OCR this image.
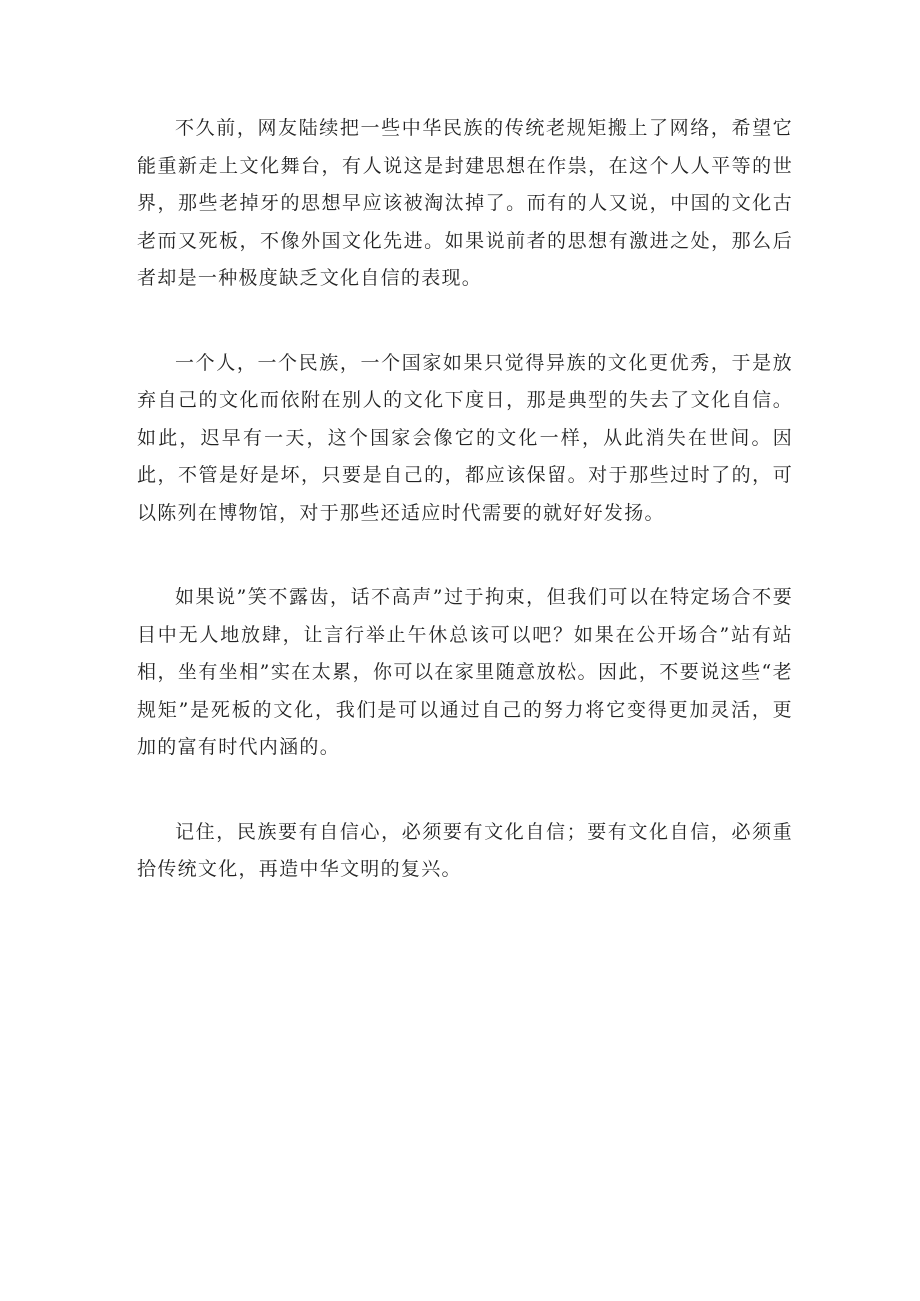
不久前，网友陆续把一些中华民族的传统老规矩搬上了网络，希望它能重新走上文化舞台，有人说这是封建思想在作祟，在这个人人平等的世界，那些老掉牙的思想早应该被淘汰掉了。而有的人又说，中国的文化古老而又死板，不像外国文化先进。如果说前者的思想有激进之处，那么后者却是一种极度缺乏文化自信的表现。

一个人，一个民族，一个国家如果只觉得异族的文化更优秀，于是放弃自己的文化而依附在别人的文化下度日，那是典型的失去了文化自信。如此，迟早有一天，这个国家会像它的文化一样，从此消失在世间。因此，不管是好是坏，只要是自己的，都应该保留。对于那些过时了的，可以陈列在博物馆，对于那些还适应时代需要的就好好发扬。

如果说”笑不露齿，话不高声”过于拘束，但我们可以在特定场合不要目中无人地放肆，让言行举止午休总该可以吧？如果在公开场合”站有站相，坐有坐相”实在太累，你可以在家里随意放松。因此，不要说这些“老规矩”是死板的文化，我们是可以通过自己的努力将它变得更加灵活，更加的富有时代内涵的。

记住，民族要有自信心，必须要有文化自信；要有文化自信，必须重拾传统文化，再造中华文明的复兴。
